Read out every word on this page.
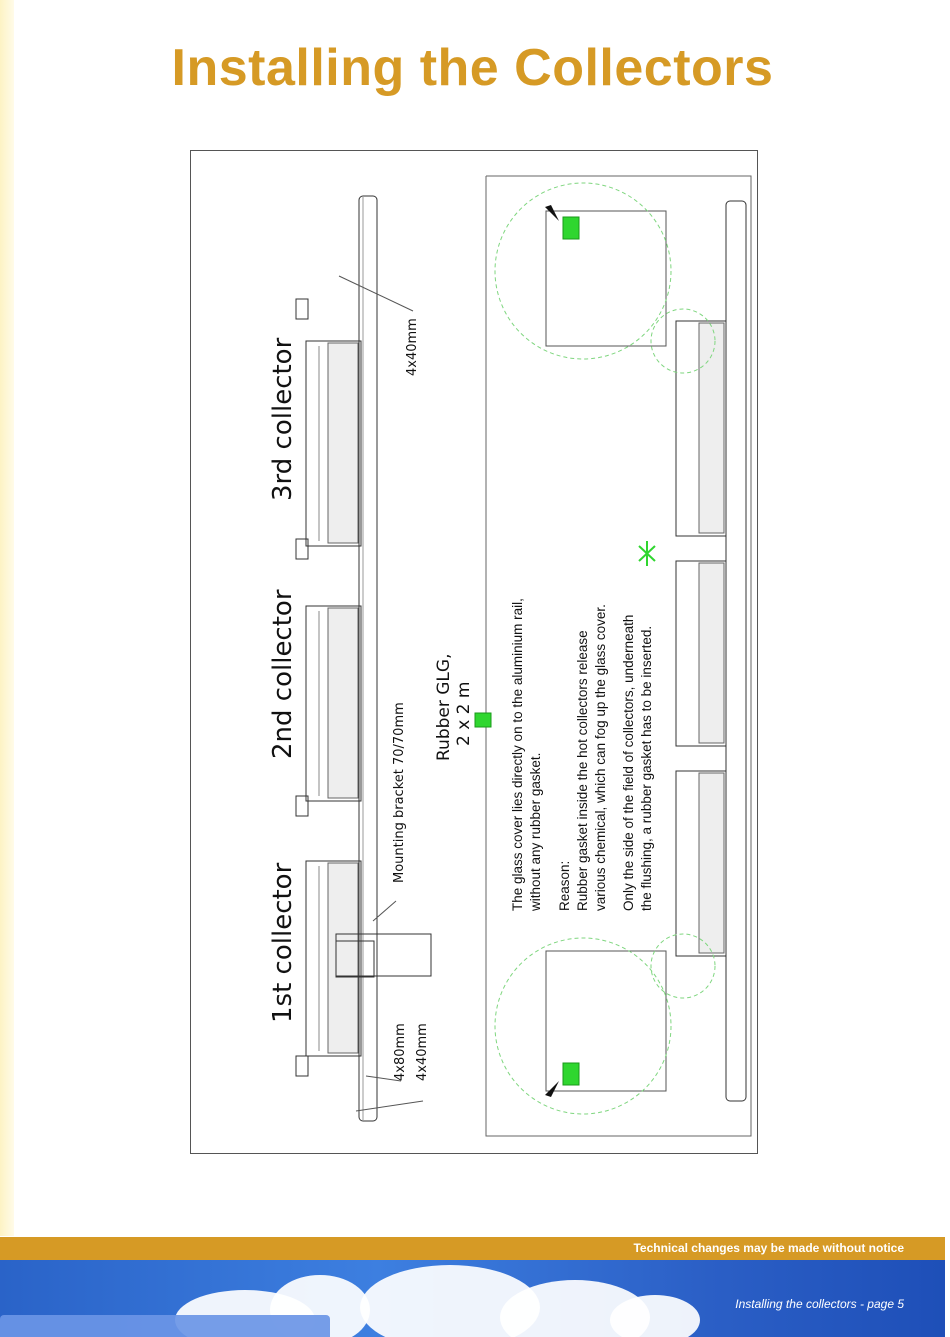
Installing the Collectors
3rd collector
2nd collector
1st collector
4x40mm
Mounting bracket 70/70mm
4x80mm 4x40mm
Rubber GLG, 2 x 2 m	The glass cover lies directly on to the aluminium rail, without any rubber gasket. Reason: Rubber gasket inside the hot collectors release various chemical, which can fog up the glass cover. Only the side of the field of collectors, underneath the flushing, a rubber gasket has to be inserted.
Technical changes may be made without notice
Installing the collectors - page 5
